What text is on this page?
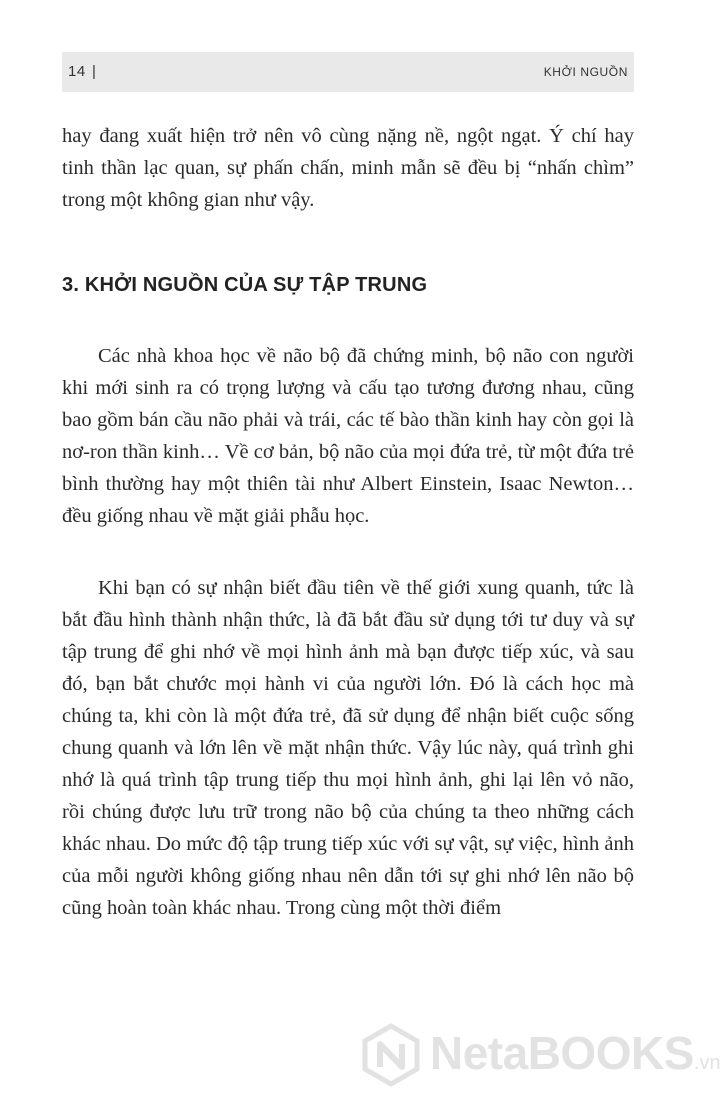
14 |	KHỞI NGUỒN

hay đang xuất hiện trở nên vô cùng nặng nề, ngột ngạt. Ý chí hay tinh thần lạc quan, sự phấn chấn, minh mẫn sẽ đều bị “nhấn chìm” trong một không gian như vậy.

3. KHỞI NGUỒN CỦA SỰ TẬP TRUNG

Các nhà khoa học về não bộ đã chứng minh, bộ não con người khi mới sinh ra có trọng lượng và cấu tạo tương đương nhau, cũng bao gồm bán cầu não phải và trái, các tế bào thần kinh hay còn gọi là nơ-ron thần kinh… Về cơ bản, bộ não của mọi đứa trẻ, từ một đứa trẻ bình thường hay một thiên tài như Albert Einstein, Isaac Newton… đều giống nhau về mặt giải phẫu học.

Khi bạn có sự nhận biết đầu tiên về thế giới xung quanh, tức là bắt đầu hình thành nhận thức, là đã bắt đầu sử dụng tới tư duy và sự tập trung để ghi nhớ về mọi hình ảnh mà bạn được tiếp xúc, và sau đó, bạn bắt chước mọi hành vi của người lớn. Đó là cách học mà chúng ta, khi còn là một đứa trẻ, đã sử dụng để nhận biết cuộc sống chung quanh và lớn lên về mặt nhận thức. Vậy lúc này, quá trình ghi nhớ là quá trình tập trung tiếp thu mọi hình ảnh, ghi lại lên vỏ não, rồi chúng được lưu trữ trong não bộ của chúng ta theo những cách khác nhau. Do mức độ tập trung tiếp xúc với sự vật, sự việc, hình ảnh của mỗi người không giống nhau nên dẫn tới sự ghi nhớ lên não bộ cũng hoàn toàn khác nhau. Trong cùng một thời điểm

NetaBOOKS.vn
